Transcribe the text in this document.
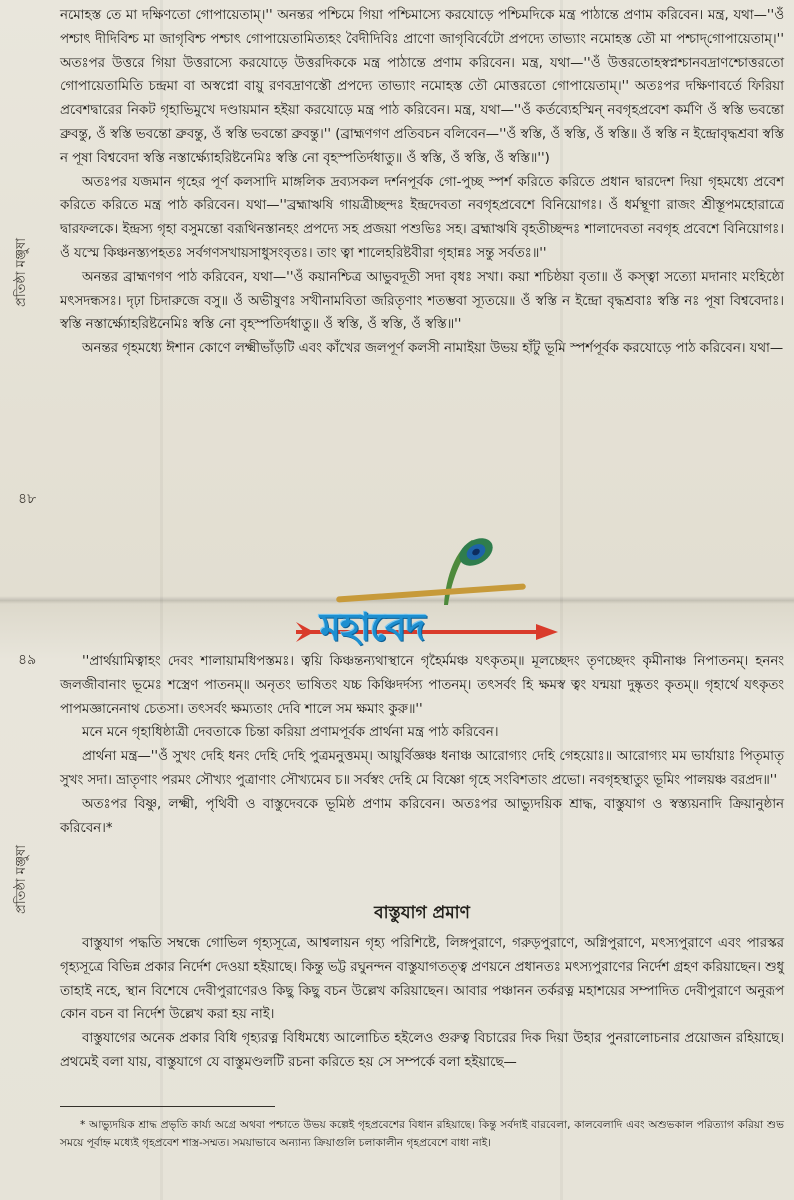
প্রতিষ্ঠা মঞ্জুষা
৪৮
৪৯
প্রতিষ্ঠা মঞ্জুষা

নমোহস্ত তে মা দক্ষিণতো গোপায়েতাম্।'' অনন্তর পশ্চিমে গিয়া পশ্চিমাস্যে করযোড়ে পশ্চিমদিকে মন্ত্র পাঠান্তে প্রণাম করিবেন। মন্ত্র, যথা—''ওঁ পশ্চাৎ দীদিবিশ্চ মা জাগৃবিশ্চ পশ্চাৎ গোপায়েতামিত্যহং বৈদীদিবিঃ প্রাণো জাগৃবির্বেটো প্রপদ্যে তাভ্যাং নমোহস্ত তৌ মা পশ্চাদ্‌গোপায়েতাম্।'' অতঃপর উত্তরে গিয়া উত্তরাস্যে করযোড়ে উত্তরদিককে মন্ত্র পাঠান্তে প্রণাম করিবেন। মন্ত্র, যথা—''ওঁ উত্তরতোহস্বপ্নশ্চানবদ্রাণশ্চোত্তরতো গোপায়েতামিতি চন্দ্রমা বা অস্বপ্নো বায়ু রণবদ্রাণস্তৌ প্রপদ্যে তাভ্যাং নমোহস্ত তৌ মোত্তরতো গোপায়েতাম্।'' অতঃপর দক্ষিণাবর্তে ফিরিয়া প্রবেশদ্বারের নিকট গৃহাভিমুখে দণ্ডায়মান হইয়া করযোড়ে মন্ত্র পাঠ করিবেন। মন্ত্র, যথা—''ওঁ কর্তব্যেহস্মিন্‌ নবগৃহপ্রবেশ কর্মণি ওঁ স্বস্তি ভবন্তো ব্রুবন্তু, ওঁ স্বস্তি ভবন্তো ব্রুবন্তু, ওঁ স্বস্তি ভবন্তো ব্রুবন্তু।'' (ব্রাহ্মণগণ প্রতিবচন বলিবেন—''ওঁ স্বস্তি, ওঁ স্বস্তি, ওঁ স্বস্তি॥ ওঁ স্বস্তি ন ইন্দ্রোবৃদ্ধশ্রবা স্বস্তি ন পূষা বিশ্ববেদা স্বস্তি নস্তার্ক্ষ্যোহরিষ্টনেমিঃ স্বস্তি নো বৃহস্পতির্দধাতু॥ ওঁ স্বস্তি, ওঁ স্বস্তি, ওঁ স্বস্তি॥'')

অতঃপর যজমান গৃহের পূর্ণ কলসাদি মাঙ্গলিক দ্রব্যসকল দর্শনপূর্বক গো-পুচ্ছ স্পর্শ করিতে করিতে প্রধান দ্বারদেশ দিয়া গৃহমধ্যে প্রবেশ করিতে করিতে মন্ত্র পাঠ করিবেন। যথা—''ব্রহ্মাঋষি গায়ত্রীচ্ছন্দঃ ইন্দ্রদেবতা নবগৃহপ্রবেশে বিনিয়োগঃ। ওঁ ধর্মস্থূণা রাজং শ্রীস্তূপমহোরাত্রে দ্বারফলকে। ইন্দ্রস্য গৃহা বসুমন্তো বরূথিনস্তানহং প্রপদ্যে সহ প্রজয়া পশুভিঃ সহ। ব্রহ্মাঋষি বৃহতীচ্ছন্দঃ শালাদেবতা নবগৃহ প্রবেশে বিনিয়োগঃ। ওঁ যস্মে কিঞ্চনস্ত্যপহতঃ সর্বগণসখায়সাধুসংবৃতঃ। তাং ত্বা শালেহরিষ্টবীরা গৃহান্নঃ সন্তু সর্বতঃ॥''

অনন্তর ব্রাহ্মণগণ পাঠ করিবেন, যথা—''ওঁ কয়ানশ্চিত্র আভুবদূতী সদা বৃধঃ সখা। কয়া শচিষ্ঠয়া বৃতা॥ ওঁ কস্ত্বা সত্যো মদানাং মংহিষ্ঠো মৎসদন্ধসঃ। দৃঢ়া চিদারুজে বসু॥ ওঁ অভীষুণঃ সখীনামবিতা জরিতৃণাং শতম্ভবা স্যূতয়ে॥ ওঁ স্বস্তি ন ইন্দ্রো বৃদ্ধশ্রবাঃ স্বস্তি নঃ পূষা বিশ্ববেদাঃ। স্বস্তি নস্তার্ক্ষ্যোহরিষ্টনেমিঃ স্বস্তি নো বৃহস্পতির্দধাতু॥ ওঁ স্বস্তি, ওঁ স্বস্তি, ওঁ স্বস্তি॥''

অনন্তর গৃহমধ্যে ঈশান কোণে লক্ষ্মীভাঁড়টি এবং কাঁখের জলপূর্ণ কলসী নামাইয়া উভয় হাঁটু ভূমি স্পর্শপূর্বক করযোড়ে পাঠ করিবেন। যথা—

মহাবেদ

''প্রার্থয়ামিত্বাহং দেবং শালায়ামধিপস্তমঃ। ত্বয়ি কিঞ্চন্তন্যথাস্থানে গৃহৈর্মমঞ্চ যৎকৃতম্॥ মূলচ্ছেদং তৃণচ্ছেদং কৃমীনাঞ্চ নিপাতনম্। হননং জলজীবানাং ভূমেঃ শস্ত্রেণ পাতনম্॥ অনৃতং ভাষিতং যচ্চ কিঞ্চিদর্দস্য পাতনম্। তৎসর্বং হি ক্ষমস্ব ত্বং যন্ময়া দুষ্কৃতং কৃতম্॥ গৃহার্থে যৎকৃতং পাপমজ্ঞানেনাথ চেতসা। তৎসর্বং ক্ষম্যতাং দেবি শালে সম ক্ষমাং কুরু॥''

মনে মনে গৃহাধিষ্ঠাত্রী দেবতাকে চিন্তা করিয়া প্রণামপূর্বক প্রার্থনা মন্ত্র পাঠ করিবেন।

প্রার্থনা মন্ত্র—''ওঁ সুখং দেহি ধনং দেহি দেহি পুত্রমনুত্তমম্। আয়ুর্বিজ্ঞঞ্চ ধনাঞ্চ আরোগ্যং দেহি গেহয়োঃ॥ আরোগ্যং মম ভার্যায়াঃ পিতৃমাতৃ সুখং সদা। ভ্রাতৃণাং পরমং সৌখ্যং পুত্রাণাং সৌখ্যমেব চ॥ সর্বস্বং দেহি মে বিষ্ণো গৃহে সংবিশতাং প্রভো। নবগৃহস্থাতুং ভূমিং পালয়ঞ্চ বরপ্রদ॥''

অতঃপর বিষ্ণু, লক্ষ্মী, পৃথিবী ও বাস্তুদেবকে ভূমিষ্ঠ প্রণাম করিবেন। অতঃপর আভ্যুদয়িক শ্রাদ্ধ, বাস্তুযাগ ও স্বস্ত্যয়নাদি ক্রিয়ানুষ্ঠান করিবেন।*

বাস্তুযাগ প্রমাণ

বাস্তুযাগ পদ্ধতি সম্বন্ধে গোভিল গৃহ্যসূত্রে, আশ্বলায়ন গৃহ্য পরিশিষ্টে, লিঙ্গপুরাণে, গরুড়পুরাণে, অগ্নিপুরাণে, মৎস্যপুরাণে এবং পারস্কর গৃহ্যসূত্রে বিভিন্ন প্রকার নির্দেশ দেওয়া হইয়াছে। কিন্তু ভট্ট রঘুনন্দন বাস্তুযাগতত্ত্ব প্রণয়নে প্রধানতঃ মৎস্যপুরাণের নির্দেশ গ্রহণ করিয়াছেন। শুধু তাহাই নহে, স্থান বিশেষে দেবীপুরাণেরও কিছু কিছু বচন উল্লেখ করিয়াছেন। আবার পঞ্চানন তর্করত্ন মহাশয়ের সম্পাদিত দেবীপুরাণে অনুরূপ কোন বচন বা নির্দেশ উল্লেখ করা হয় নাই।

বাস্তুযাগের অনেক প্রকার বিধি গৃহ্যরত্ন বিধিমধ্যে আলোচিত হইলেও গুরুত্ব বিচারের দিক দিয়া উহার পুনরালোচনার প্রয়োজন রহিয়াছে। প্রথমেই বলা যায়, বাস্তুযাগে যে বাস্তুমণ্ডলটি রচনা করিতে হয় সে সম্পর্কে বলা হইয়াছে—

* আভ্যুদয়িক শ্রাদ্ধ প্রভৃতি কার্য্য অগ্রে অথবা পশ্চাতে উভয় কল্পেই গৃহপ্রবেশের বিধান রহিয়াছে। কিন্তু সর্বদাই বারবেলা, কালবেলাদি এবং অশুভকাল পরিত্যাগ করিয়া শুভ সময়ে পূর্বাহ্ন মধ্যেই গৃহপ্রবেশ শাস্ত্র-সম্মত। সময়াভাবে অন্যান্য ক্রিয়াগুলি চলাকালীন গৃহপ্রবেশে বাধা নাই।
